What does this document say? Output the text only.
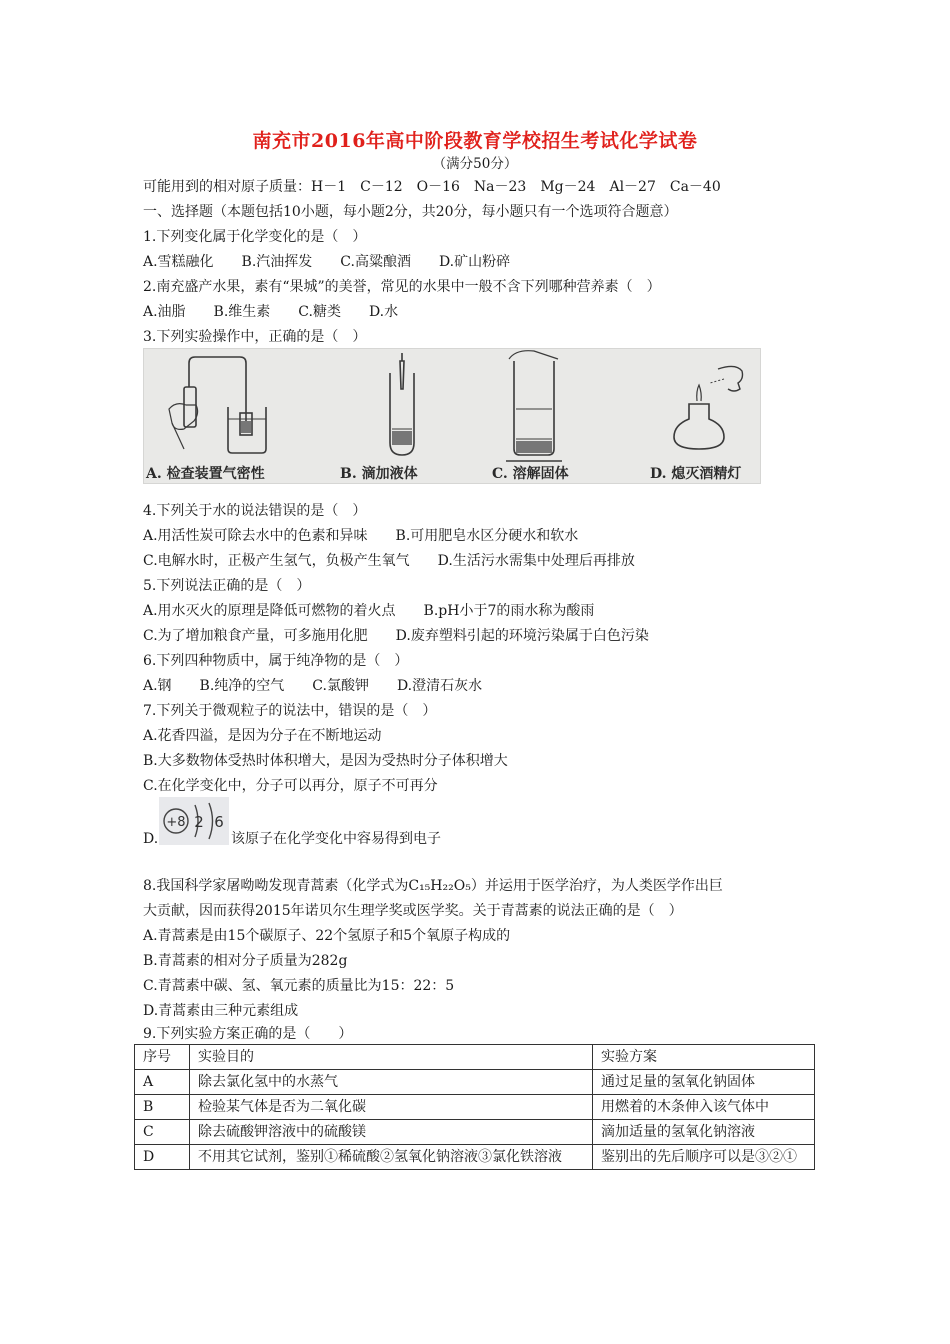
南充市2016年高中阶段教育学校招生考试化学试卷
（满分50分）
可能用到的相对原子质量：H－1　C－12　O－16　Na－23　Mg－24　Al－27　Ca－40
一、选择题（本题包括10小题，每小题2分，共20分，每小题只有一个选项符合题意）
1.下列变化属于化学变化的是（　）
A.雪糕融化　　B.汽油挥发　　C.高粱酿酒　　D.矿山粉碎
2.南充盛产水果，素有“果城”的美誉，常见的水果中一般不含下列哪种营养素（　）
A.油脂　　B.维生素　　C.糖类　　D.水
3.下列实验操作中，正确的是（　）
A. 检查装置气密性	B. 滴加液体	C. 溶解固体	D. 熄灭酒精灯
4.下列关于水的说法错误的是（　）
A.用活性炭可除去水中的色素和异味　　B.可用肥皂水区分硬水和软水
C.电解水时，正极产生氢气，负极产生氧气　　D.生活污水需集中处理后再排放
5.下列说法正确的是（　）
A.用水灭火的原理是降低可燃物的着火点　　B.pH小于7的雨水称为酸雨
C.为了增加粮食产量，可多施用化肥　　D.废弃塑料引起的环境污染属于白色污染
6.下列四种物质中，属于纯净物的是（　）
A.钢　　B.纯净的空气　　C.氯酸钾　　D.澄清石灰水
7.下列关于微观粒子的说法中，错误的是（　）
A.花香四溢，是因为分子在不断地运动
B.大多数物体受热时体积增大，是因为受热时分子体积增大
C.在化学变化中，分子可以再分，原子不可再分
+8 2 6
D.	该原子在化学变化中容易得到电子
8.我国科学家屠呦呦发现青蒿素（化学式为C₁₅H₂₂O₅）并运用于医学治疗，为人类医学作出巨
大贡献，因而获得2015年诺贝尔生理学奖或医学奖。关于青蒿素的说法正确的是（　）
A.青蒿素是由15个碳原子、22个氢原子和5个氧原子构成的
B.青蒿素的相对分子质量为282g
C.青蒿素中碳、氢、氧元素的质量比为15：22：5
D.青蒿素由三种元素组成
9.下列实验方案正确的是（　　）
序号	实验目的	实验方案
A	除去氯化氢中的水蒸气	通过足量的氢氧化钠固体
B	检验某气体是否为二氧化碳	用燃着的木条伸入该气体中
C	除去硫酸钾溶液中的硫酸镁	滴加适量的氢氧化钠溶液
D	不用其它试剂，鉴别①稀硫酸②氢氧化钠溶液③氯化铁溶液	鉴别出的先后顺序可以是③②①
